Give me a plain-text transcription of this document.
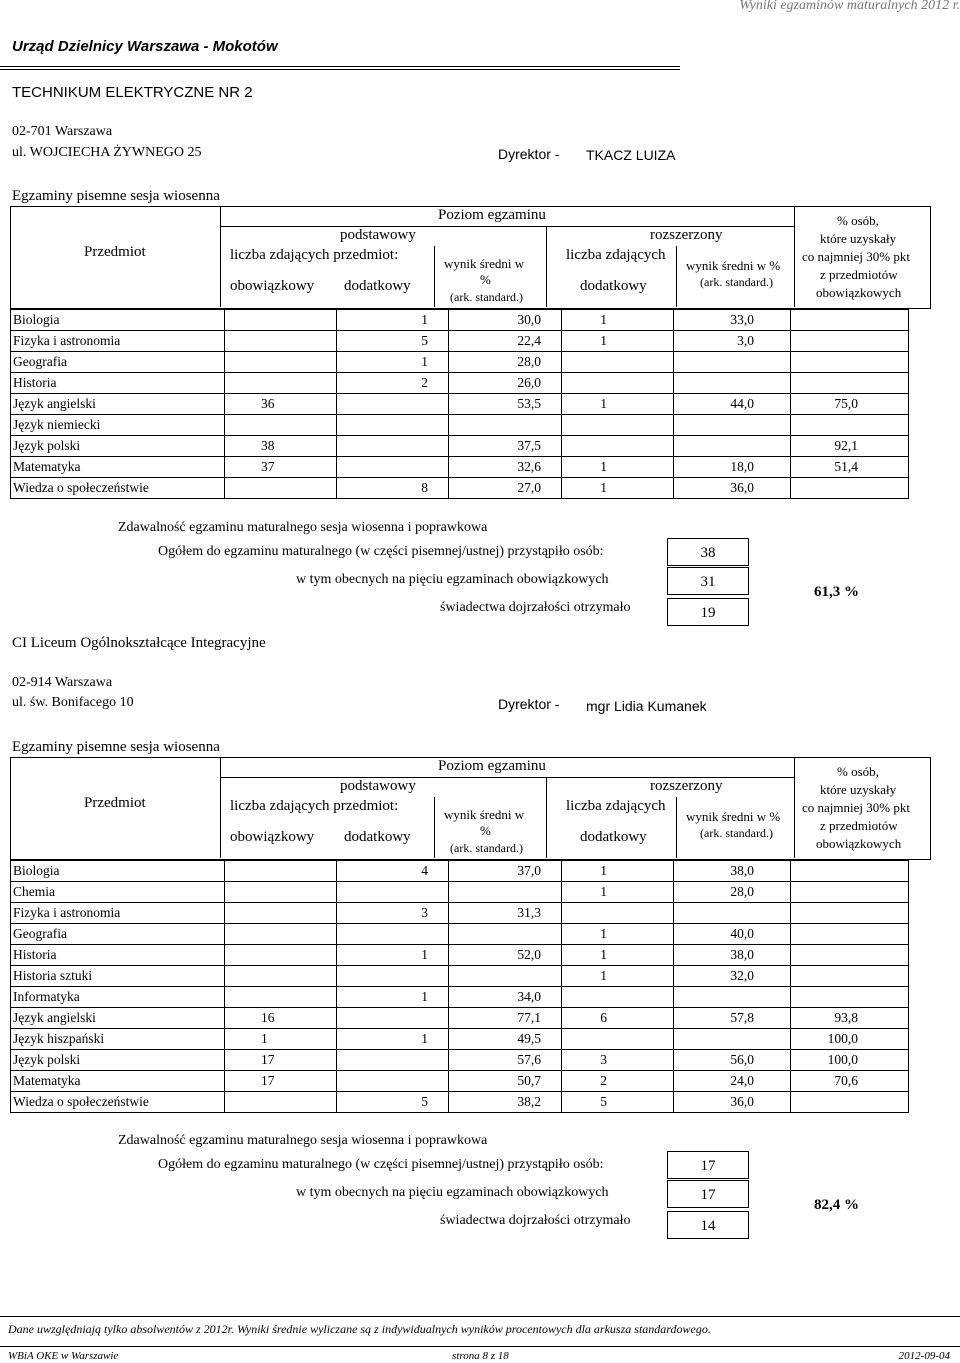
Wyniki egzaminów maturalnych 2012 r.
Urząd Dzielnicy Warszawa - Mokotów
TECHNIKUM ELEKTRYCZNE NR 2
02-701 Warszawa
ul. WOJCIECHA ŻYWNEGO 25	Dyrektor - TKACZ LUIZA
Egzaminy pisemne sesja wiosenna
Poziom egzaminu
Przedmiot
podstawowy
liczba zdających przedmiot:
obowiązkowy dodatkowy
wynik średni w
%
(ark. standard.)
rozszerzony
liczba zdających
dodatkowy
wynik średni w %
(ark. standard.)
% osób,
które uzyskały
co najmniej 30% pkt
z przedmiotów
obowiązkowych
Biologia		1	30,0	1	33,0	
Fizyka i astronomia		5	22,4	1	3,0	
Geografia		1	28,0			
Historia		2	26,0			
Język angielski	36		53,5	1	44,0	75,0
Język niemiecki						
Język polski	38		37,5			92,1
Matematyka	37		32,6	1	18,0	51,4
Wiedza o społeczeństwie		8	27,0	1	36,0	
Zdawalność egzaminu maturalnego sesja wiosenna i poprawkowa
Ogółem do egzaminu maturalnego (w części pisemnej/ustnej) przystąpiło osób:
w tym obecnych na pięciu egzaminach obowiązkowych
świadectwa dojrzałości otrzymało
38
31
19
61,3 %
CI Liceum Ogólnokształcące Integracyjne
02-914 Warszawa
ul. św. Bonifacego 10	Dyrektor - mgr Lidia Kumanek
Egzaminy pisemne sesja wiosenna
Poziom egzaminu
Przedmiot
podstawowy
liczba zdających przedmiot:
obowiązkowy dodatkowy
wynik średni w
%
(ark. standard.)
rozszerzony
liczba zdających
dodatkowy
wynik średni w %
(ark. standard.)
% osób,
które uzyskały
co najmniej 30% pkt
z przedmiotów
obowiązkowych
Biologia		4	37,0	1	38,0	
Chemia				1	28,0	
Fizyka i astronomia		3	31,3			
Geografia				1	40,0	
Historia		1	52,0	1	38,0	
Historia sztuki				1	32,0	
Informatyka		1	34,0			
Język angielski	16		77,1	6	57,8	93,8
Język hiszpański	1	1	49,5			100,0
Język polski	17		57,6	3	56,0	100,0
Matematyka	17		50,7	2	24,0	70,6
Wiedza o społeczeństwie		5	38,2	5	36,0	
Zdawalność egzaminu maturalnego sesja wiosenna i poprawkowa
Ogółem do egzaminu maturalnego (w części pisemnej/ustnej) przystąpiło osób:
w tym obecnych na pięciu egzaminach obowiązkowych
świadectwa dojrzałości otrzymało
17
17
14
82,4 %
Dane uwzględniają tylko absolwentów z 2012r. Wyniki średnie wyliczane są z indywidualnych wyników procentowych dla arkusza standardowego.
WBiA OKE w Warszawie	strona 8 z 18	2012-09-04
